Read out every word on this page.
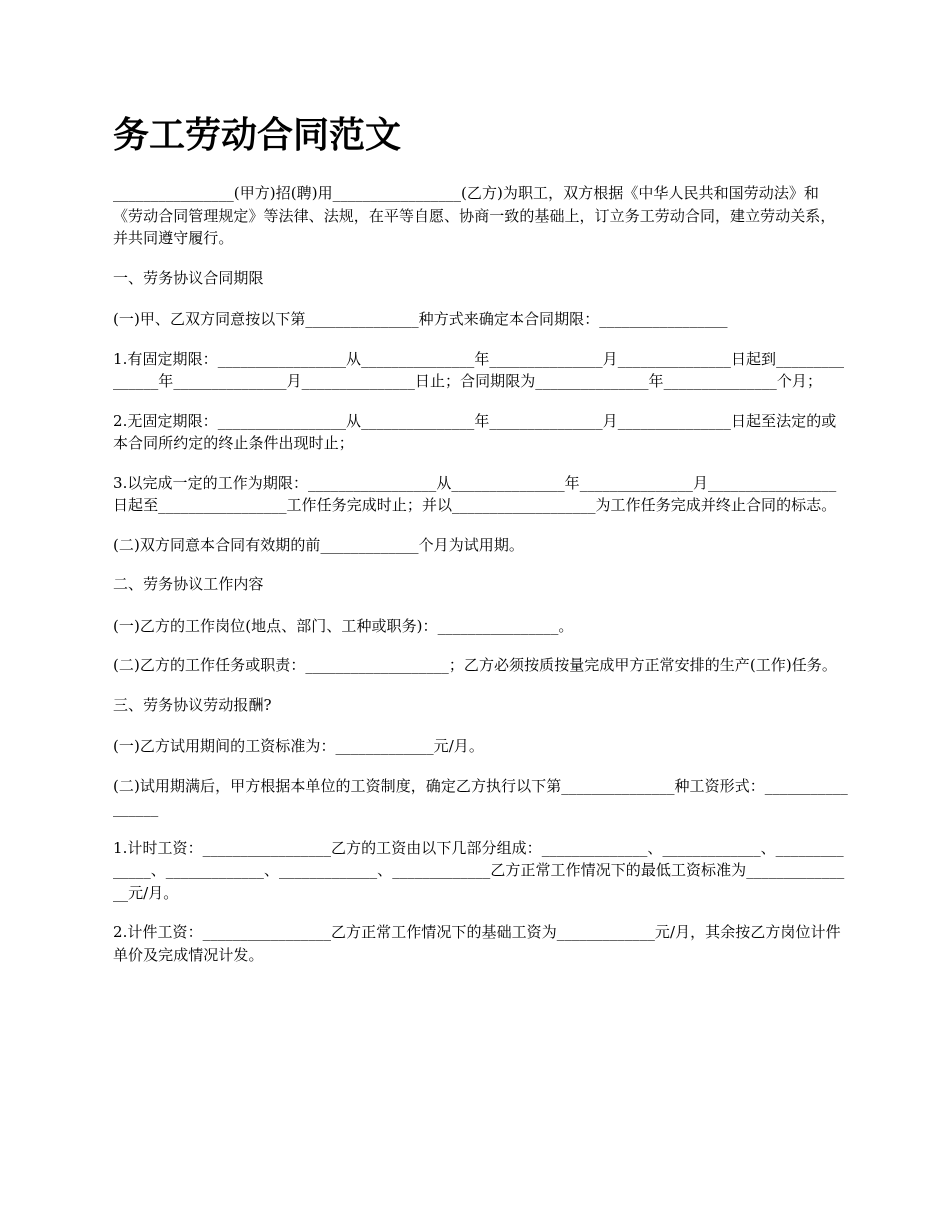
务工劳动合同范文

________________(甲方)招(聘)用_________________(乙方)为职工，双方根据《中华人民共和国劳动法》和《劳动合同管理规定》等法律、法规，在平等自愿、协商一致的基础上，订立务工劳动合同，建立劳动关系，并共同遵守履行。

一、劳务协议合同期限

(一)甲、乙双方同意按以下第_______________种方式来确定本合同期限：_________________

1.有固定期限：_________________从_______________年_______________月_______________日起到_______________年_______________月_______________日止；合同期限为_______________年_______________个月；

2.无固定期限：_________________从_______________年_______________月_______________日起至法定的或本合同所约定的终止条件出现时止；

3.以完成一定的工作为期限：_________________从_______________年_______________月_________________日起至_________________工作任务完成时止；并以___________________为工作任务完成并终止合同的标志。

(二)双方同意本合同有效期的前_____________个月为试用期。

二、劳务协议工作内容

(一)乙方的工作岗位(地点、部门、工种或职务)：________________。

(二)乙方的工作任务或职责：___________________；乙方必须按质按量完成甲方正常安排的生产(工作)任务。

三、劳务协议劳动报酬?

(一)乙方试用期间的工资标准为：_____________元/月。

(二)试用期满后，甲方根据本单位的工资制度，确定乙方执行以下第_______________种工资形式：_________________

1.计时工资：_________________乙方的工资由以下几部分组成：______________、_____________、______________、_____________、_____________、_____________乙方正常工作情况下的最低工资标准为_______________元/月。

2.计件工资：_________________乙方正常工作情况下的基础工资为_____________元/月，其余按乙方岗位计件单价及完成情况计发。
